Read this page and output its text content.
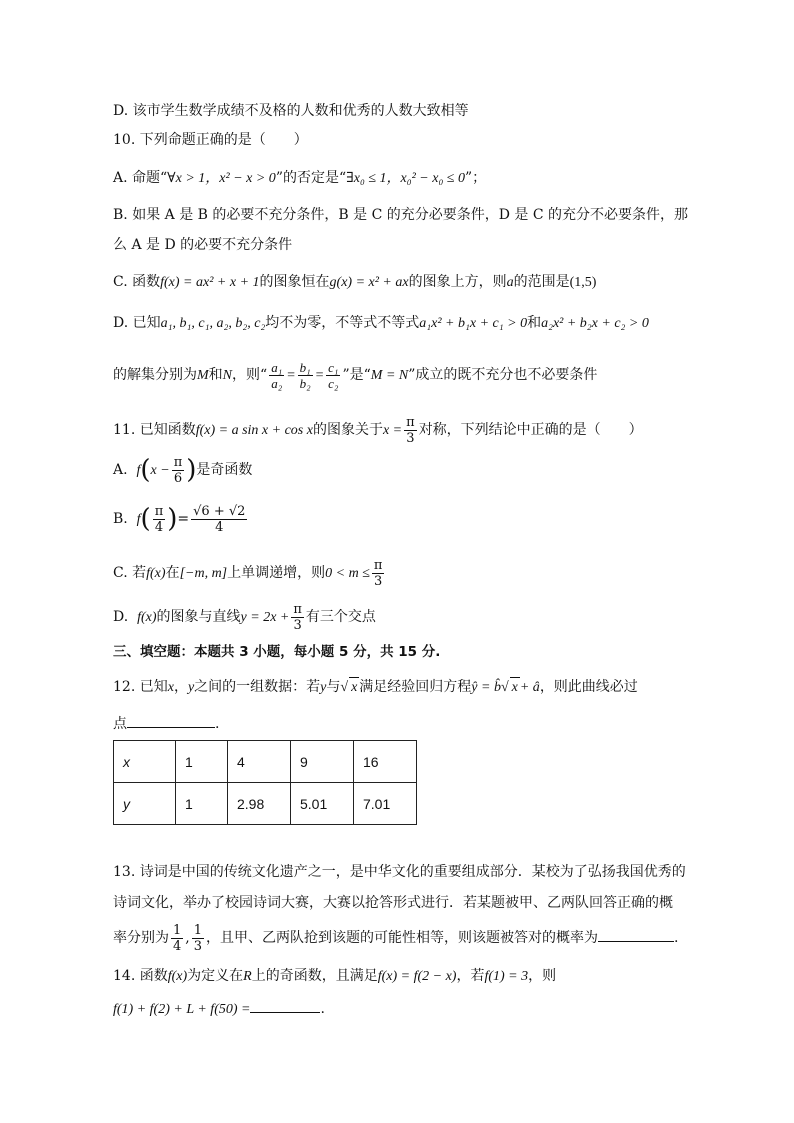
D. 该市学生数学成绩不及格的人数和优秀的人数大致相等
10. 下列命题正确的是（　　）
A. 命题“∀x > 1，x² − x > 0”的否定是“∃x₀ ≤ 1，x₀² − x₀ ≤ 0”；
B. 如果 A 是 B 的必要不充分条件，B 是 C 的充分必要条件，D 是 C 的充分不必要条件，那
么 A 是 D 的必要不充分条件
C. 函数f(x) = ax² + x + 1的图象恒在g(x) = x² + ax的图象上方，则a的范围是(1,5)
D. 已知a₁, b₁, c₁, a₂, b₂, c₂均不为零，不等式不等式a₁x² + b₁x + c₁ > 0和a₂x² + b₂x + c₂ > 0
的解集分别为M和N，则“ $\frac{\text{a₁}}{\text{a₂}} = \frac{\text{b₁}}{\text{b₂}} = \frac{\text{c₁}}{\text{c₂}}$ ”是“M = N”成立的既不充分也不必要条件
11. 已知函数f(x) = a sin x + cos x的图象关于$x = \frac{\pi}{3}$ 对称，下列结论中正确的是（　　）
A. $f(x - \frac{\pi}{6}$ )是奇函数
B. $f( \frac{\pi}{4}$ )= $\frac{√6 + √2}{4}$
C. 若f(x)在[−m, m]上单调递增，则$0 < m \le \frac{\pi}{3}$
D. f(x)的图象与直线$y = 2x + \frac{\pi}{3}$ 有三个交点
三、填空题：本题共 3 小题，每小题 5 分，共 15 分.
12. 已知x，y之间的一组数据：若y与√ x 满足经验回归方程ŷ = b̂√ x + â，则此曲线必过
点	.
x	1	4	9	16
y	1	2.98	5.01	7.01
13. 诗词是中国的传统文化遗产之一，是中华文化的重要组成部分．某校为了弘扬我国优秀的
诗词文化，举办了校园诗词大赛，大赛以抢答形式进行．若某题被甲、乙两队回答正确的概
率分别为 $\frac{1}{4}$ , $\frac{1}{3}$ ，且甲、乙两队抢到该题的可能性相等，则该题被答对的概率为	.
14. 函数f(x)为定义在R上的奇函数，且满足f(x) = f(2 − x)，若f(1) = 3，则
f(1) + f(2) + L + f(50) =	.
